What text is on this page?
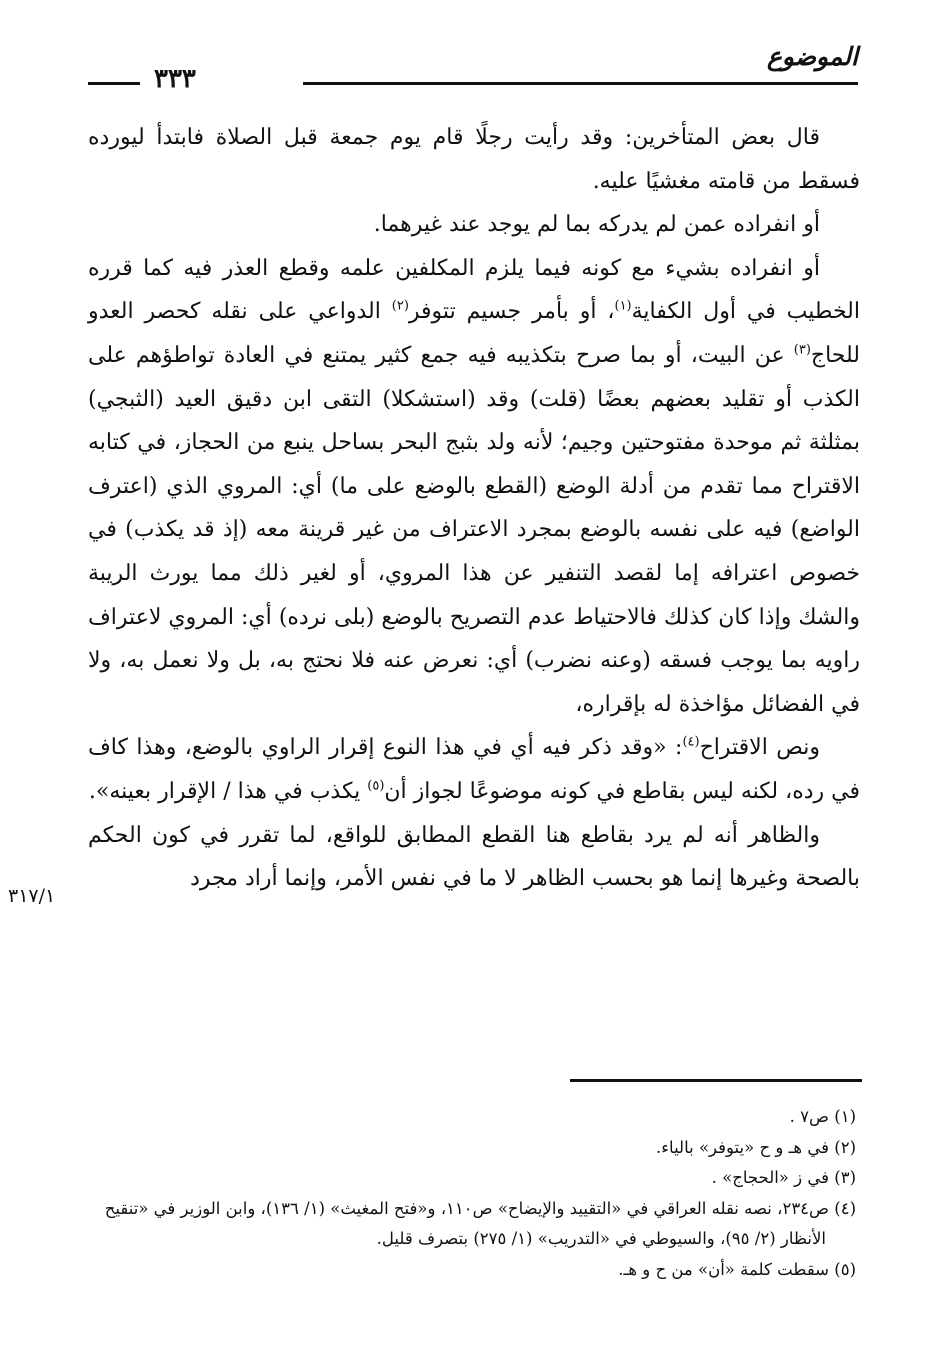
الموضوع
٣٣٣

قال بعض المتأخرين: وقد رأيت رجلًا قام يوم جمعة قبل الصلاة فابتدأ ليورده فسقط من قامته مغشيًا عليه.

أو انفراده عمن لم يدركه بما لم يوجد عند غيرهما.

أو انفراده بشيء مع كونه فيما يلزم المكلفين علمه وقطع العذر فيه كما قرره الخطيب في أول الكفاية$^{(١)}$، أو بأمر جسيم تتوفر$^{(٢)}$ الدواعي على نقله كحصر العدو للحاج$^{(٣)}$ عن البيت، أو بما صرح بتكذيبه فيه جمع كثير يمتنع في العادة تواطؤهم على الكذب أو تقليد بعضهم بعضًا (قلت) وقد (استشكلا) التقى ابن دقيق العيد (الثبجي) بمثلثة ثم موحدة مفتوحتين وجيم؛ لأنه ولد بثبج البحر بساحل ينبع من الحجاز، في كتابه الاقتراح مما تقدم من أدلة الوضع (القطع بالوضع على ما) أي: المروي الذي (اعترف الواضع) فيه على نفسه بالوضع بمجرد الاعتراف من غير قرينة معه (إذ قد يكذب) في خصوص اعترافه إما لقصد التنفير عن هذا المروي، أو لغير ذلك مما يورث الريبة والشك وإذا كان كذلك فالاحتياط عدم التصريح بالوضع (بلى نرده) أي: المروي لاعتراف راويه بما يوجب فسقه (وعنه نضرب) أي: نعرض عنه فلا نحتج به، بل ولا نعمل به، ولا في الفضائل مؤاخذة له بإقراره،

ونص الاقتراح$^{(٤)}$: «وقد ذكر فيه أي في هذا النوع إقرار الراوي بالوضع، وهذا كاف في رده، لكنه ليس بقاطع في كونه موضوعًا لجواز أن$^{(٥)}$ يكذب في هذا / الإقرار بعينه».

والظاهر أنه لم يرد بقاطع هنا القطع المطابق للواقع، لما تقرر في كون الحكم بالصحة وغيرها إنما هو بحسب الظاهر لا ما في نفس الأمر، وإنما أراد مجرد

٣١٧/١

(١) ص٧ .

(٢) في هـ و ح «يتوفر» بالياء.

(٣) في ز «الحجاج» .

(٤) ص٢٣٤، نصه نقله العراقي في «التقييد والإيضاح» ص١١٠، و«فتح المغيث» (١/ ١٣٦)، وابن الوزير في «تنقيح الأنظار (٢/ ٩٥)، والسيوطي في «التدريب» (١/ ٢٧٥) بتصرف قليل.

(٥) سقطت كلمة «أن» من ح و هـ.
